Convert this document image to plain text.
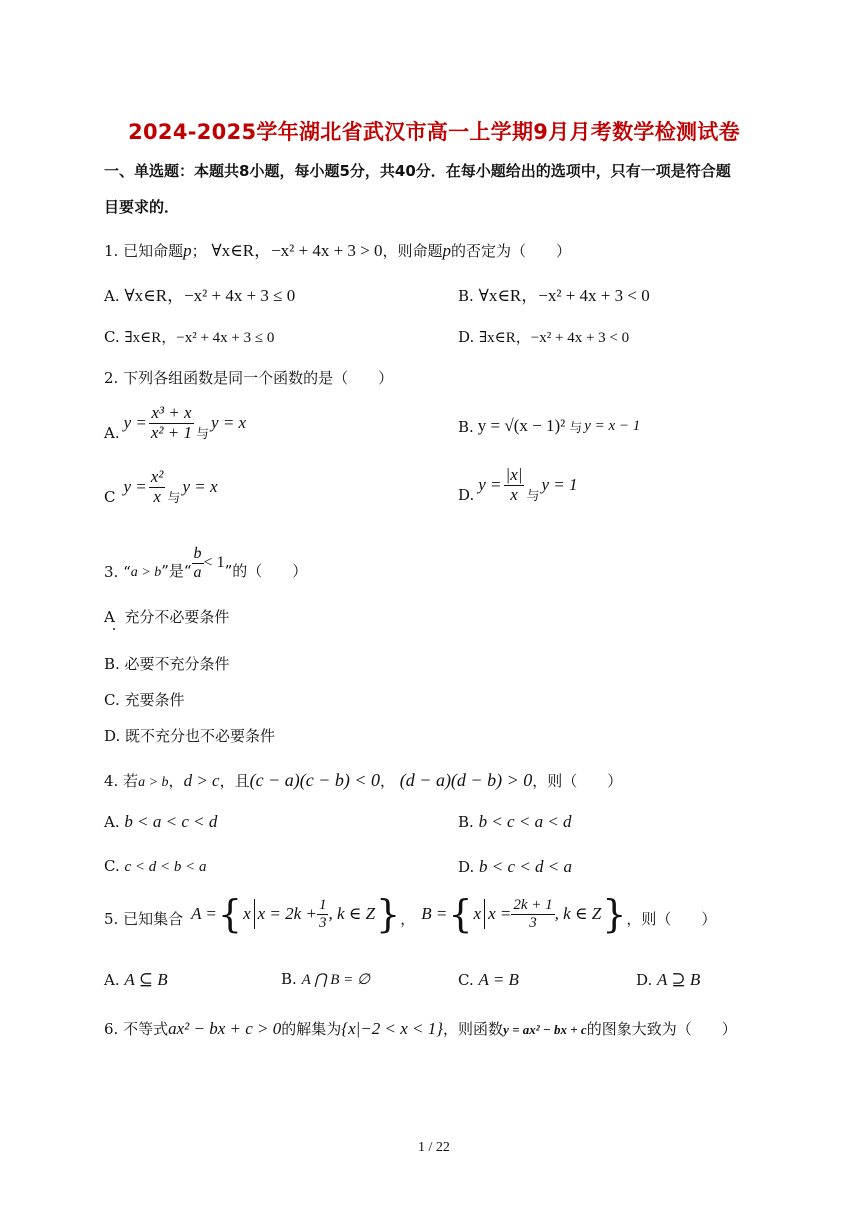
2024-2025学年湖北省武汉市高一上学期9月月考数学检测试卷
一、单选题：本题共8小题，每小题5分，共40分．在每小题给出的选项中，只有一项是符合题
目要求的．
1. 已知命题p； ∀x∈R，−x² + 4x + 3 > 0，则命题p的否定为（　　）
A. ∀x∈R，−x² + 4x + 3 ≤ 0	B. ∀x∈R，−x² + 4x + 3 < 0
C. ∃x∈R，−x² + 4x + 3 ≤ 0	D. ∃x∈R，−x² + 4x + 3 < 0
2. 下列各组函数是同一个函数的是（　　）
A.
$y = \frac{\text{x³ + x}}{\text{x² + 1}}$ 与
y = x	B. y = √(x − 1)² 与 y = x − 1
C
$y = \frac{\text{x²}}{x}$ 与
y = x	D.
$y = \frac{|x|}{x}$ 与
y = 1
3. “ a > b ”是“ $\frac{b}{a} < 1$ ”的（　　）
A 充分不必要条件
B. 必要不充分条件
C. 充要条件
D. 既不充分也不必要条件
4. 若a > b，d > c，且(c − a)(c − b) < 0， (d − a)(d − b) > 0，则（　　）
A. b < a < c < d	B. b < c < a < d
C. c < d < b < a	D. b < c < d < a
5. 已知集合 A = { x $x = 2k + \frac{1}{3}$ , k ∈ Z } ， B = { x $x = \frac{2k + 1}{3}$ , k ∈ Z } ，则（　　）
A. A ⊆ B	B. A ⋂ B = ∅	C. A = B	D. A ⊇ B
6. 不等式ax² − bx + c > 0的解集为{x|−2 < x < 1}，则函数y = ax² − bx + c的图象大致为（　　）
1 / 22
